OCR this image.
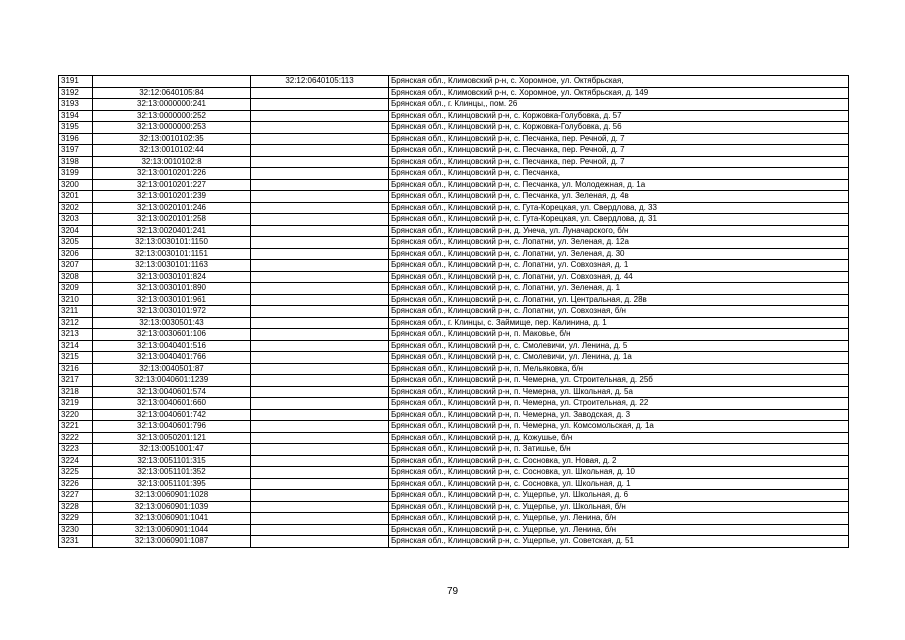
3191		32:12:0640105:113	Брянская обл., Климовский р-н, с. Хоромное, ул. Октябрьская,
3192	32:12:0640105:84		Брянская обл., Климовский р-н, с. Хоромное, ул. Октябрьская, д. 149
3193	32:13:0000000:241		Брянская обл., г. Клинцы,, пом. 26
3194	32:13:0000000:252		Брянская обл., Клинцовский р-н, с. Коржовка-Голубовка, д. 57
3195	32:13:0000000:253		Брянская обл., Клинцовский р-н, с. Коржовка-Голубовка, д. 56
3196	32:13:0010102:35		Брянская обл., Клинцовский р-н, с. Песчанка, пер. Речной, д. 7
3197	32:13:0010102:44		Брянская обл., Клинцовский р-н, с. Песчанка, пер. Речной, д. 7
3198	32:13:0010102:8		Брянская обл., Клинцовский р-н, с. Песчанка, пер. Речной, д. 7
3199	32:13:0010201:226		Брянская обл., Клинцовский р-н, с. Песчанка,
3200	32:13:0010201:227		Брянская обл., Клинцовский р-н, с. Песчанка, ул. Молодежная, д. 1а
3201	32:13:0010201:239		Брянская обл., Клинцовский р-н, с. Песчанка, ул. Зеленая, д. 4в
3202	32:13:0020101:246		Брянская обл., Клинцовский р-н, с. Гута-Корецкая, ул. Свердлова, д. 33
3203	32:13:0020101:258		Брянская обл., Клинцовский р-н, с. Гута-Корецкая, ул. Свердлова, д. 31
3204	32:13:0020401:241		Брянская обл., Клинцовский р-н, д. Унеча, ул. Луначарского, б/н
3205	32:13:0030101:1150		Брянская обл., Клинцовский р-н, с. Лопатни, ул. Зеленая, д. 12а
3206	32:13:0030101:1151		Брянская обл., Клинцовский р-н, с. Лопатни, ул. Зеленая, д. 30
3207	32:13:0030101:1163		Брянская обл., Клинцовский р-н, с. Лопатни, ул. Совхозная, д. 1
3208	32:13:0030101:824		Брянская обл., Клинцовский р-н, с. Лопатни, ул. Совхозная, д. 44
3209	32:13:0030101:890		Брянская обл., Клинцовский р-н, с. Лопатни, ул. Зеленая, д. 1
3210	32:13:0030101:961		Брянская обл., Клинцовский р-н, с. Лопатни, ул. Центральная, д. 28в
3211	32:13:0030101:972		Брянская обл., Клинцовский р-н, с. Лопатни, ул. Совхозная, б/н
3212	32:13:0030501:43		Брянская обл., г. Клинцы, с. Займище, пер. Калинина, д. 1
3213	32:13:0030601:106		Брянская обл., Клинцовский р-н, п. Маковье, б/н
3214	32:13:0040401:516		Брянская обл., Клинцовский р-н, с. Смолевичи, ул. Ленина, д. 5
3215	32:13:0040401:766		Брянская обл., Клинцовский р-н, с. Смолевичи, ул. Ленина, д. 1а
3216	32:13:0040501:87		Брянская обл., Клинцовский р-н, п. Мельяковка, б/н
3217	32:13:0040601:1239		Брянская обл., Клинцовский р-н, п. Чемерна, ул. Строительная, д. 25б
3218	32:13:0040601:574		Брянская обл., Клинцовский р-н, п. Чемерна, ул. Школьная, д. 5а
3219	32:13:0040601:660		Брянская обл., Клинцовский р-н, п. Чемерна, ул. Строительная, д. 22
3220	32:13:0040601:742		Брянская обл., Клинцовский р-н, п. Чемерна, ул. Заводская, д. 3
3221	32:13:0040601:796		Брянская обл., Клинцовский р-н, п. Чемерна, ул. Комсомольская, д. 1а
3222	32:13:0050201:121		Брянская обл., Клинцовский р-н, д. Кожушье, б/н
3223	32:13:0051001:47		Брянская обл., Клинцовский р-н, п. Затишье, б/н
3224	32:13:0051101:315		Брянская обл., Клинцовский р-н, с. Сосновка, ул. Новая, д. 2
3225	32:13:0051101:352		Брянская обл., Клинцовский р-н, с. Сосновка, ул. Школьная, д. 10
3226	32:13:0051101:395		Брянская обл., Клинцовский р-н, с. Сосновка, ул. Школьная, д. 1
3227	32:13:0060901:1028		Брянская обл., Клинцовский р-н, с. Ущерпье, ул. Школьная, д. 6
3228	32:13:0060901:1039		Брянская обл., Клинцовский р-н, с. Ущерпье, ул. Школьная, б/н
3229	32:13:0060901:1041		Брянская обл., Клинцовский р-н, с. Ущерпье, ул. Ленина, б/н
3230	32:13:0060901:1044		Брянская обл., Клинцовский р-н, с. Ущерпье, ул. Ленина, б/н
3231	32:13:0060901:1087		Брянская обл., Клинцовский р-н, с. Ущерпье, ул. Советская, д. 51
79
